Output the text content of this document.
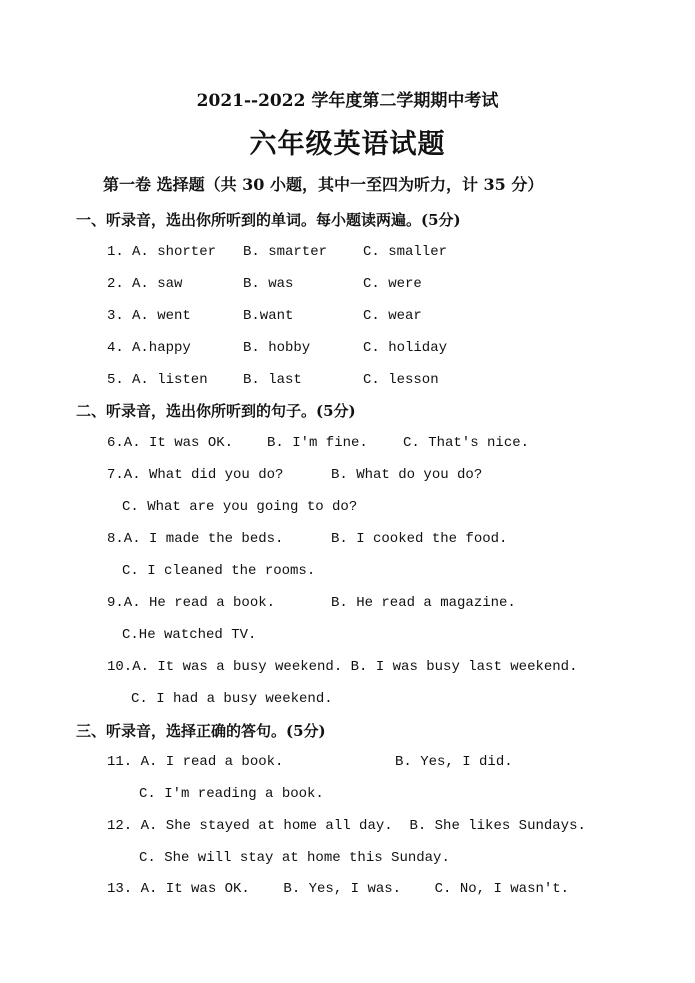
2021--2022 学年度第二学期期中考试
六年级英语试题
第一卷 选择题（共 30 小题，其中一至四为听力，计 35 分）
一、听录音，选出你所听到的单词。每小题读两遍。(5分)
1. A. shorter B. smarter	C. smaller
2. A. saw	B. was	C. were
3. A. went	B.want	C. wear
4. A.happy	B. hobby	C. holiday
5. A. listen	B. last	C. lesson
二、听录音，选出你所听到的句子。(5分)
6.A. It was OK. B. I'm fine.	C. That's nice.
7.A. What did you do?	B. What do you do?
C. What are you going to do?
8.A. I made the beds.	B. I cooked the food.
C. I cleaned the rooms.
9.A. He read a book.	B. He read a magazine.
C.He watched TV.
10.A. It was a busy weekend. B. I was busy last weekend.
C. I had a busy weekend.
三、听录音，选择正确的答句。(5分)
11. A. I read a book.	B. Yes, I did.
C. I'm reading a book.
12. A. She stayed at home all day.  B. She likes Sundays.
C. She will stay at home this Sunday.
13. A. It was OK.    B. Yes, I was.    C. No, I wasn't.
